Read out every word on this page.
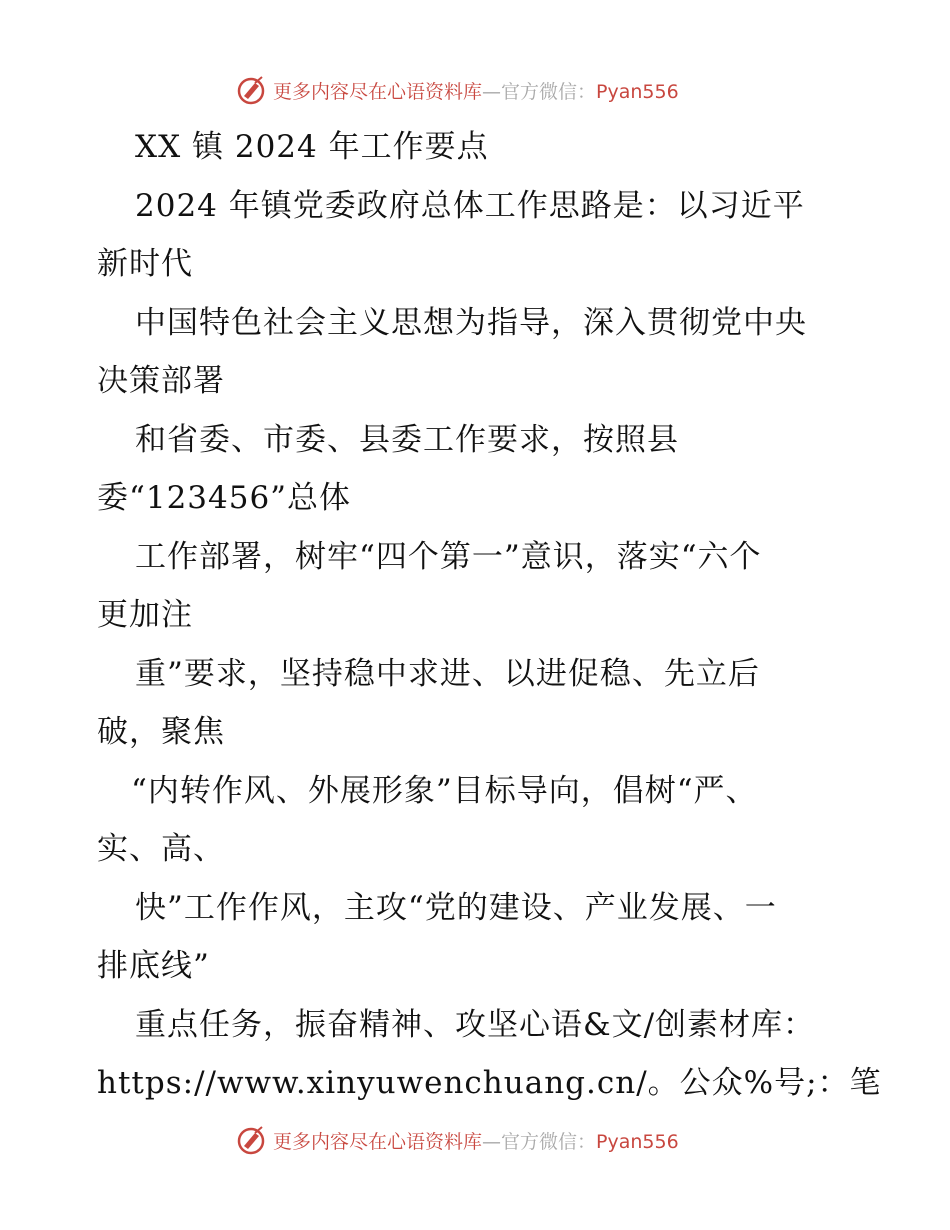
更多内容尽在心语资料库—官方微信：Pyan556
XX 镇 2024 年工作要点
2024 年镇党委政府总体工作思路是：以习近平
新时代
中国特色社会主义思想为指导，深入贯彻党中央
决策部署
和省委、市委、县委工作要求，按照县
委“123456”总体
工作部署，树牢“四个第一”意识，落实“六个
更加注
重”要求，坚持稳中求进、以进促稳、先立后
破，聚焦
“内转作风、外展形象”目标导向，倡树“严、
实、高、
快”工作作风，主攻“党的建设、产业发展、一
排底线”
重点任务，振奋精神、攻坚心语&文/创素材库：
https://www.xinyuwenchuang.cn/。公众%号;：笔
更多内容尽在心语资料库—官方微信：Pyan556
